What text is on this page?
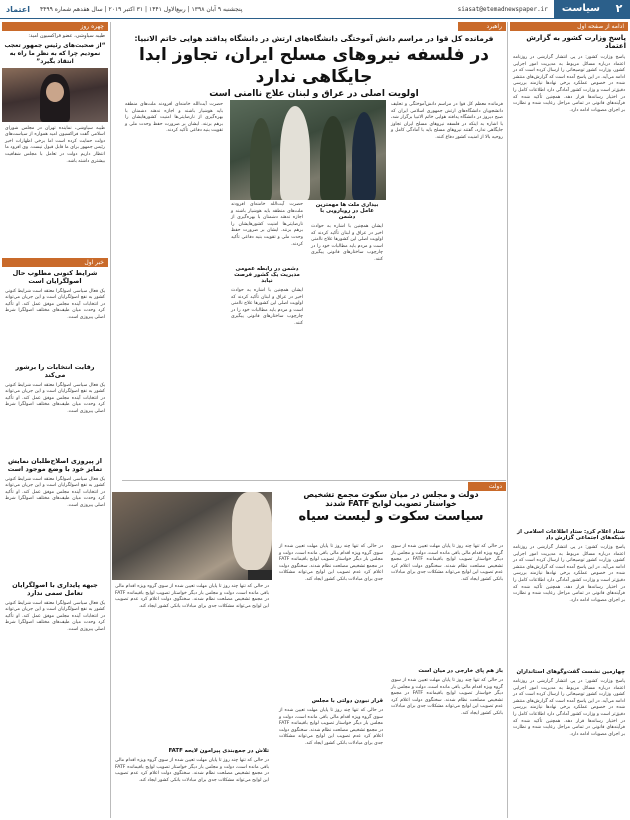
۲
سیاست
siasat@etemadnewspaper.ir
پنجشنبه ۹ آبان ۱۳۹۸ | ربیع‌الاول ۱۴۴۱ | ۳۱ اکتبر ۲۰۱۹ | سال هفدهم شماره ۴۴۹۹
اعتماد
ادامه از صفحه اول
پاسخ وزارت کشور به گزارش اعتماد
پاسخ وزارت کشور: در پی انتشار گزارشی در روزنامه اعتماد درباره مسائل مربوط به مدیریت امور اجرایی کشور، وزارت کشور توضیحاتی را ارسال کرده است که در ادامه می‌آید. در این پاسخ آمده است که گزارش‌های منتشر شده در خصوص عملکرد برخی نهادها نیازمند بررسی دقیق‌تر است و وزارت کشور آمادگی دارد اطلاعات کامل را در اختیار رسانه‌ها قرار دهد. همچنین تأکید شده که فرآیندهای قانونی در تمامی مراحل رعایت شده و نظارت بر اجرای مصوبات ادامه دارد.
ستاد اعلام کرد: ستاد اطلاعات اسلامی از شبکه‌های اجتماعی گزارش داد
پاسخ وزارت کشور: در پی انتشار گزارشی در روزنامه اعتماد درباره مسائل مربوط به مدیریت امور اجرایی کشور، وزارت کشور توضیحاتی را ارسال کرده است که در ادامه می‌آید. در این پاسخ آمده است که گزارش‌های منتشر شده در خصوص عملکرد برخی نهادها نیازمند بررسی دقیق‌تر است و وزارت کشور آمادگی دارد اطلاعات کامل را در اختیار رسانه‌ها قرار دهد. همچنین تأکید شده که فرآیندهای قانونی در تمامی مراحل رعایت شده و نظارت بر اجرای مصوبات ادامه دارد.
چهارمین نشست گفت‌وگوهای استانداران
پاسخ وزارت کشور: در پی انتشار گزارشی در روزنامه اعتماد درباره مسائل مربوط به مدیریت امور اجرایی کشور، وزارت کشور توضیحاتی را ارسال کرده است که در ادامه می‌آید. در این پاسخ آمده است که گزارش‌های منتشر شده در خصوص عملکرد برخی نهادها نیازمند بررسی دقیق‌تر است و وزارت کشور آمادگی دارد اطلاعات کامل را در اختیار رسانه‌ها قرار دهد. همچنین تأکید شده که فرآیندهای قانونی در تمامی مراحل رعایت شده و نظارت بر اجرای مصوبات ادامه دارد.
راهبرد
فرمانده کل قوا در مراسم دانش آموختگی دانشگاه‌های ارتش در دانشگاه پدافند هوایی خاتم الانبیا:
در فلسفه نیروهای مسلح ایران، تجاوز ابدا جایگاهی ندارد
اولویت اصلی در عراق و لبنان علاج ناامنی است
فرمانده معظم کل قوا در مراسم دانش‌آموختگی و تحلیف دانشجویان دانشگاه‌های ارتش جمهوری اسلامی ایران که صبح دیروز در دانشگاه پدافند هوایی خاتم الانبیا برگزار شد، با اشاره به اینکه در فلسفه نیروهای مسلح ایران تجاوز جایگاهی ندارد، گفتند نیروهای مسلح باید با آمادگی کامل و روحیه بالا از امنیت کشور دفاع کنند.
بیداری ملت ها مهمترین عامل در رویارویی با دشمن
ایشان همچنین با اشاره به حوادث اخیر در عراق و لبنان تأکید کردند که اولویت اصلی این کشورها علاج ناامنی است و مردم باید مطالبات خود را در چارچوب ساختارهای قانونی پیگیری کنند.
حضرت آیت‌الله خامنه‌ای افزودند ملت‌های منطقه باید هوشیار باشند و اجازه ندهند دشمنان با بهره‌گیری از نارضایتی‌ها امنیت کشورهایشان را برهم بزنند. ایشان بر ضرورت حفظ وحدت ملی و تقویت بنیه دفاعی تأکید کردند.
دشمن در رابطه عمومی مدیریت یک کشور فرصت نیابد
ایشان همچنین با اشاره به حوادث اخیر در عراق و لبنان تأکید کردند که اولویت اصلی این کشورها علاج ناامنی است و مردم باید مطالبات خود را در چارچوب ساختارهای قانونی پیگیری کنند.
حضرت آیت‌الله خامنه‌ای افزودند ملت‌های منطقه باید هوشیار باشند و اجازه ندهند دشمنان با بهره‌گیری از نارضایتی‌ها امنیت کشورهایشان را برهم بزنند. ایشان بر ضرورت حفظ وحدت ملی و تقویت بنیه دفاعی تأکید کردند.
دولت
دولت و مجلس در میان سکوت مجمع تشخیص
خواستار تصویب لوایح FATF شدند
سیاست سکوت و لیست سیاه
در حالی که تنها چند روز تا پایان مهلت تعیین شده از سوی گروه ویژه اقدام مالی باقی مانده است، دولت و مجلس بار دیگر خواستار تصویب لوایح باقیمانده FATF در مجمع تشخیص مصلحت نظام شدند. سخنگوی دولت اعلام کرد عدم تصویب این لوایح می‌تواند مشکلات جدی برای مبادلات بانکی کشور ایجاد کند.
باز هم پای خارجی در میان است
در حالی که تنها چند روز تا پایان مهلت تعیین شده از سوی گروه ویژه اقدام مالی باقی مانده است، دولت و مجلس بار دیگر خواستار تصویب لوایح باقیمانده FATF در مجمع تشخیص مصلحت نظام شدند. سخنگوی دولت اعلام کرد عدم تصویب این لوایح می‌تواند مشکلات جدی برای مبادلات بانکی کشور ایجاد کند.
در حالی که تنها چند روز تا پایان مهلت تعیین شده از سوی گروه ویژه اقدام مالی باقی مانده است، دولت و مجلس بار دیگر خواستار تصویب لوایح باقیمانده FATF در مجمع تشخیص مصلحت نظام شدند. سخنگوی دولت اعلام کرد عدم تصویب این لوایح می‌تواند مشکلات جدی برای مبادلات بانکی کشور ایجاد کند.
قرار نبودن دولتی با مجلس
در حالی که تنها چند روز تا پایان مهلت تعیین شده از سوی گروه ویژه اقدام مالی باقی مانده است، دولت و مجلس بار دیگر خواستار تصویب لوایح باقیمانده FATF در مجمع تشخیص مصلحت نظام شدند. سخنگوی دولت اعلام کرد عدم تصویب این لوایح می‌تواند مشکلات جدی برای مبادلات بانکی کشور ایجاد کند.
در حالی که تنها چند روز تا پایان مهلت تعیین شده از سوی گروه ویژه اقدام مالی باقی مانده است، دولت و مجلس بار دیگر خواستار تصویب لوایح باقیمانده FATF در مجمع تشخیص مصلحت نظام شدند. سخنگوی دولت اعلام کرد عدم تصویب این لوایح می‌تواند مشکلات جدی برای مبادلات بانکی کشور ایجاد کند.
تلاش در جمع‌بندی پیرامون لایحه FATF
در حالی که تنها چند روز تا پایان مهلت تعیین شده از سوی گروه ویژه اقدام مالی باقی مانده است، دولت و مجلس بار دیگر خواستار تصویب لوایح باقیمانده FATF در مجمع تشخیص مصلحت نظام شدند. سخنگوی دولت اعلام کرد عدم تصویب این لوایح می‌تواند مشکلات جدی برای مبادلات بانکی کشور ایجاد کند.
چهره روز
طیبه سیاوشی، عضو فراکسیون امید:
“از صحبت‌های رئیس جمهور تعجب نمودیم چرا که به نظر ما راه به انتقاد بگیرد”
طیبه سیاوشی، نماینده تهران در مجلس شورای اسلامی گفت فراکسیون امید همواره از سیاست‌های دولت حمایت کرده است اما برخی اظهارات اخیر رئیس جمهور برای ما قابل قبول نیست. وی افزود ما انتظار داریم دولت در تعامل با مجلس شفافیت بیشتری داشته باشد.
خبر اول
شرایط کنونی مطلوب حال اصولگرایان است
یک فعال سیاسی اصولگرا معتقد است شرایط کنونی کشور به نفع اصولگرایان است و این جریان می‌تواند در انتخابات آینده مجلس موفق عمل کند. او تأکید کرد وحدت میان طیف‌های مختلف اصولگرا شرط اصلی پیروزی است.
رقابت انتخابات را برشور می‌کند
یک فعال سیاسی اصولگرا معتقد است شرایط کنونی کشور به نفع اصولگرایان است و این جریان می‌تواند در انتخابات آینده مجلس موفق عمل کند. او تأکید کرد وحدت میان طیف‌های مختلف اصولگرا شرط اصلی پیروزی است.
از پیروزی اصلاح‌طلبان نمایش تمایز خود با وضع موجود است
یک فعال سیاسی اصولگرا معتقد است شرایط کنونی کشور به نفع اصولگرایان است و این جریان می‌تواند در انتخابات آینده مجلس موفق عمل کند. او تأکید کرد وحدت میان طیف‌های مختلف اصولگرا شرط اصلی پیروزی است.
جبهه پایداری با اصولگرایان تعامل سمی ندارد
یک فعال سیاسی اصولگرا معتقد است شرایط کنونی کشور به نفع اصولگرایان است و این جریان می‌تواند در انتخابات آینده مجلس موفق عمل کند. او تأکید کرد وحدت میان طیف‌های مختلف اصولگرا شرط اصلی پیروزی است.
